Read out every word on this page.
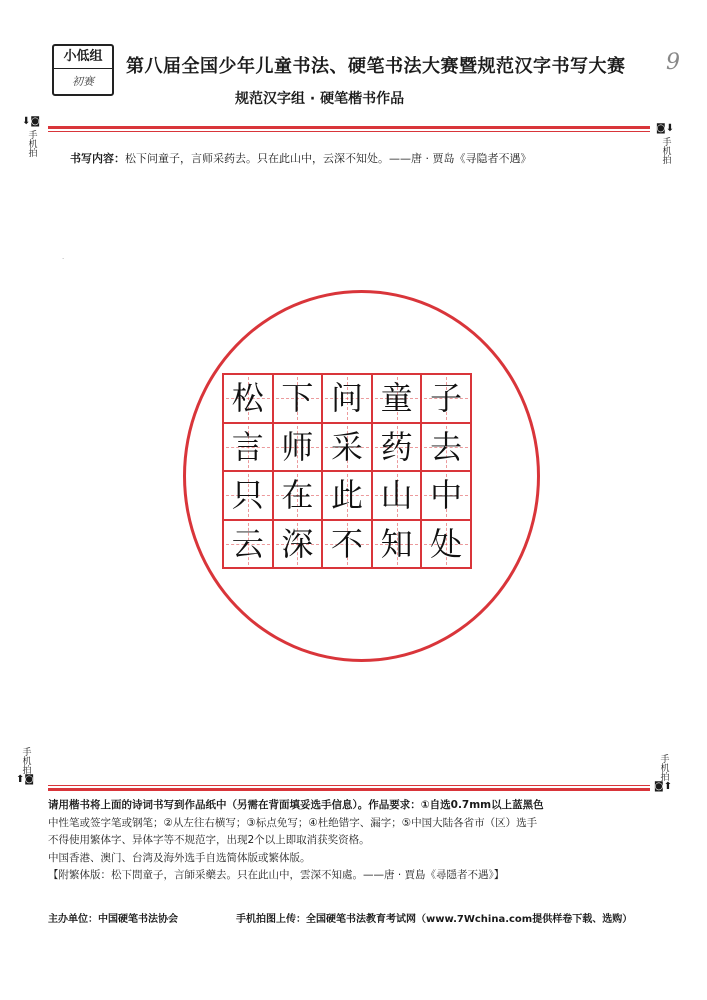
小低组
初赛
第八届全国少年儿童书法、硬笔书法大赛暨规范汉字书写大赛
规范汉字组 · 硬笔楷书作品
9
⬇◙
手机拍
◙⬇
手机拍
手机拍
⬆◙	手机拍
◙⬆
书写内容：松下问童子，言师采药去。只在此山中，云深不知处。——唐 · 贾岛《寻隐者不遇》
·
松 下 问 童 子
言 师 采 药 去
只 在 此 山 中
云 深 不 知 处

请用楷书将上面的诗词书写到作品纸中（另需在背面填妥选手信息）。作品要求：①自选0.7mm以上蓝黑色

中性笔或签字笔或钢笔；②从左往右横写；③标点免写；④杜绝错字、漏字；⑤中国大陆各省市（区）选手

不得使用繁体字、异体字等不规范字，出现2个以上即取消获奖资格。

中国香港、澳门、台湾及海外选手自选简体版或繁体版。

【附繁体版：松下問童子，言師采藥去。只在此山中，雲深不知處。——唐 · 賈島《尋隱者不遇》】

主办单位：中国硬笔书法协会	手机拍图上传：全国硬笔书法教育考试网（www.7Wchina.com提供样卷下载、选购）
